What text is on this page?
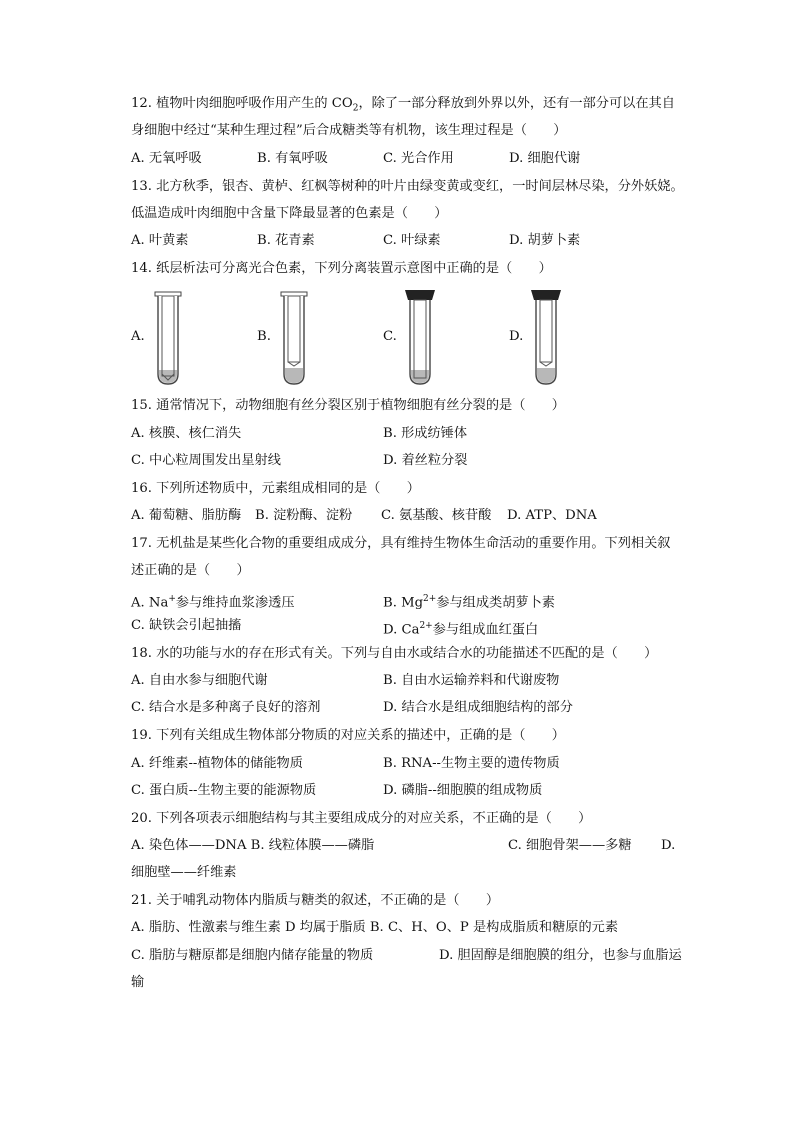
12. 植物叶肉细胞呼吸作用产生的 $CO_2$，除了一部分释放到外界以外，还有一部分可以在其自
身细胞中经过“某种生理过程”后合成糖类等有机物，该生理过程是（　　）
A. 无氧呼吸	B. 有氧呼吸	C. 光合作用	D. 细胞代谢
13. 北方秋季，银杏、黄栌、红枫等树种的叶片由绿变黄或变红，一时间层林尽染，分外妖娆。
低温造成叶肉细胞中含量下降最显著的色素是（　　）
A. 叶黄素	B. 花青素	C. 叶绿素	D. 胡萝卜素
14. 纸层析法可分离光合色素，下列分离装置示意图中正确的是（　　）
A.	B.	C.	D.
15. 通常情况下，动物细胞有丝分裂区别于植物细胞有丝分裂的是（　　）
A. 核膜、核仁消失	B. 形成纺锤体
C. 中心粒周围发出星射线	D. 着丝粒分裂
16. 下列所述物质中，元素组成相同的是（　　）
A. 葡萄糖、脂肪酶 B. 淀粉酶、淀粉 C. 氨基酸、核苷酸 D. ATP、DNA
17. 无机盐是某些化合物的重要组成成分，具有维持生物体生命活动的重要作用。下列相关叙
述正确的是（　　）
A. Na+参与维持血浆渗透压	B. $Mg^{2+}$参与组成类胡萝卜素
C. 缺铁会引起抽搐	D. $Ca^{2+}$参与组成血红蛋白
18. 水的功能与水的存在形式有关。下列与自由水或结合水的功能描述不匹配的是（　　）
A. 自由水参与细胞代谢	B. 自由水运输养料和代谢废物
C. 结合水是多种离子良好的溶剂	D. 结合水是组成细胞结构的部分
19. 下列有关组成生物体部分物质的对应关系的描述中，正确的是（　　）
A. 纤维素--植物体的储能物质	B. RNA--生物主要的遗传物质
C. 蛋白质--生物主要的能源物质	D. 磷脂--细胞膜的组成物质
20. 下列各项表示细胞结构与其主要组成成分的对应关系，不正确的是（　　）
A. 染色体——DNA B. 线粒体膜——磷脂	C. 细胞骨架——多糖 D.
细胞壁——纤维素
21. 关于哺乳动物体内脂质与糖类的叙述，不正确的是（　　）
A. 脂肪、性激素与维生素 D 均属于脂质 B. C、H、O、P 是构成脂质和糖原的元素
C. 脂肪与糖原都是细胞内储存能量的物质	D. 胆固醇是细胞膜的组分，也参与血脂运
输
